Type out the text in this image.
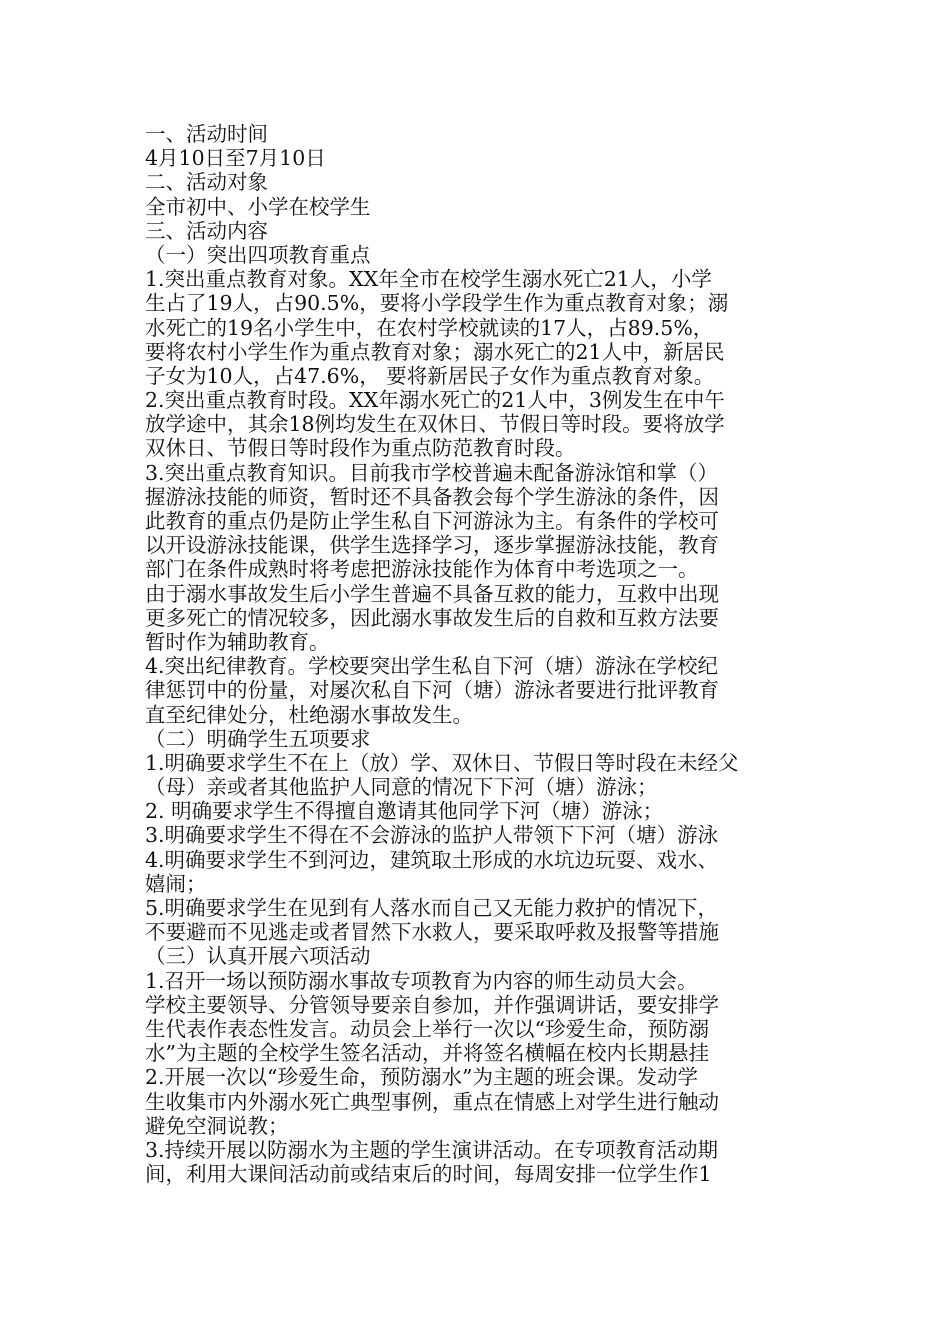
一、活动时间
4月10日至7月10日
二、活动对象
全市初中、小学在校学生
三、活动内容
（一）突出四项教育重点
1.突出重点教育对象。XX年全市在校学生溺水死亡21人，小学
生占了19人，占90.5%，要将小学段学生作为重点教育对象；溺
水死亡的19名小学生中，在农村学校就读的17人，占89.5%，
要将农村小学生作为重点教育对象；溺水死亡的21人中，新居民
子女为10人，占47.6%， 要将新居民子女作为重点教育对象。
2.突出重点教育时段。XX年溺水死亡的21人中，3例发生在中午
放学途中，其余18例均发生在双休日、节假日等时段。要将放学
双休日、节假日等时段作为重点防范教育时段。
3.突出重点教育知识。目前我市学校普遍未配备游泳馆和掌（）
握游泳技能的师资，暂时还不具备教会每个学生游泳的条件，因
此教育的重点仍是防止学生私自下河游泳为主。有条件的学校可
以开设游泳技能课，供学生选择学习，逐步掌握游泳技能，教育
部门在条件成熟时将考虑把游泳技能作为体育中考选项之一。
由于溺水事故发生后小学生普遍不具备互救的能力，互救中出现
更多死亡的情况较多，因此溺水事故发生后的自救和互救方法要
暂时作为辅助教育。
4.突出纪律教育。学校要突出学生私自下河（塘）游泳在学校纪
律惩罚中的份量，对屡次私自下河（塘）游泳者要进行批评教育
直至纪律处分，杜绝溺水事故发生。
（二）明确学生五项要求
1.明确要求学生不在上（放）学、双休日、节假日等时段在未经父
（母）亲或者其他监护人同意的情况下下河（塘）游泳；
2. 明确要求学生不得擅自邀请其他同学下河（塘）游泳；
3.明确要求学生不得在不会游泳的监护人带领下下河（塘）游泳
4.明确要求学生不到河边，建筑取土形成的水坑边玩耍、戏水、
嬉闹；
5.明确要求学生在见到有人落水而自己又无能力救护的情况下，
不要避而不见逃走或者冒然下水救人，要采取呼救及报警等措施
（三）认真开展六项活动
1.召开一场以预防溺水事故专项教育为内容的师生动员大会。
学校主要领导、分管领导要亲自参加，并作强调讲话，要安排学
生代表作表态性发言。动员会上举行一次以“珍爱生命，预防溺
水”为主题的全校学生签名活动，并将签名横幅在校内长期悬挂
2.开展一次以“珍爱生命，预防溺水”为主题的班会课。发动学
生收集市内外溺水死亡典型事例，重点在情感上对学生进行触动
避免空洞说教；
3.持续开展以防溺水为主题的学生演讲活动。在专项教育活动期
间，利用大课间活动前或结束后的时间，每周安排一位学生作1
